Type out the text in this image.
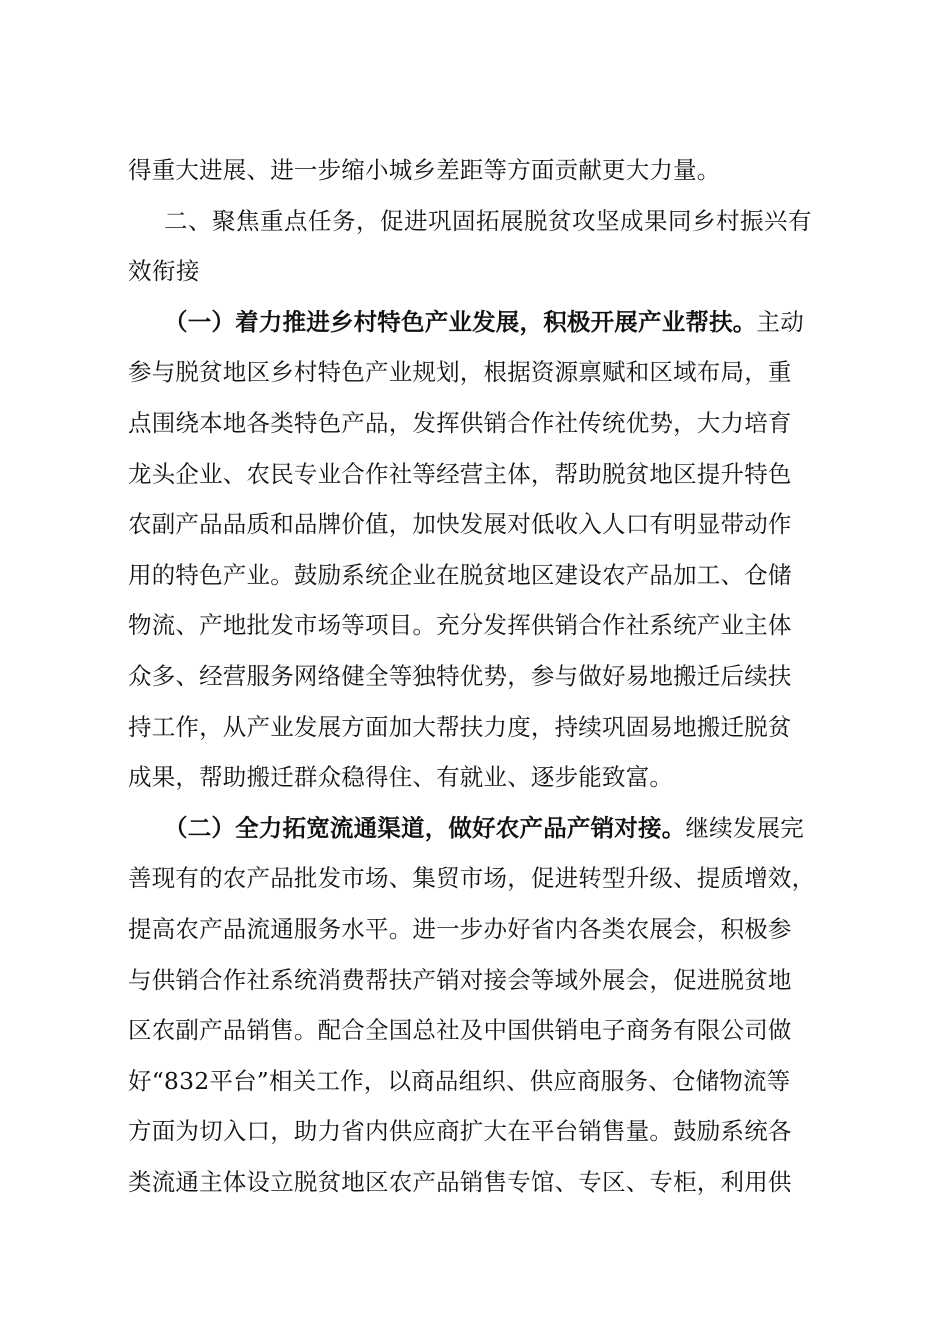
得重大进展、进一步缩小城乡差距等方面贡献更大力量。
二、聚焦重点任务，促进巩固拓展脱贫攻坚成果同乡村振兴有
效衔接
（一）着力推进乡村特色产业发展，积极开展产业帮扶。主动
参与脱贫地区乡村特色产业规划，根据资源禀赋和区域布局，重
点围绕本地各类特色产品，发挥供销合作社传统优势，大力培育
龙头企业、农民专业合作社等经营主体，帮助脱贫地区提升特色
农副产品品质和品牌价值，加快发展对低收入人口有明显带动作
用的特色产业。鼓励系统企业在脱贫地区建设农产品加工、仓储
物流、产地批发市场等项目。充分发挥供销合作社系统产业主体
众多、经营服务网络健全等独特优势，参与做好易地搬迁后续扶
持工作，从产业发展方面加大帮扶力度，持续巩固易地搬迁脱贫
成果，帮助搬迁群众稳得住、有就业、逐步能致富。
（二）全力拓宽流通渠道，做好农产品产销对接。继续发展完
善现有的农产品批发市场、集贸市场，促进转型升级、提质增效，
提高农产品流通服务水平。进一步办好省内各类农展会，积极参
与供销合作社系统消费帮扶产销对接会等域外展会，促进脱贫地
区农副产品销售。配合全国总社及中国供销电子商务有限公司做
好“832平台”相关工作，以商品组织、供应商服务、仓储物流等
方面为切入口，助力省内供应商扩大在平台销售量。鼓励系统各
类流通主体设立脱贫地区农产品销售专馆、专区、专柜，利用供
